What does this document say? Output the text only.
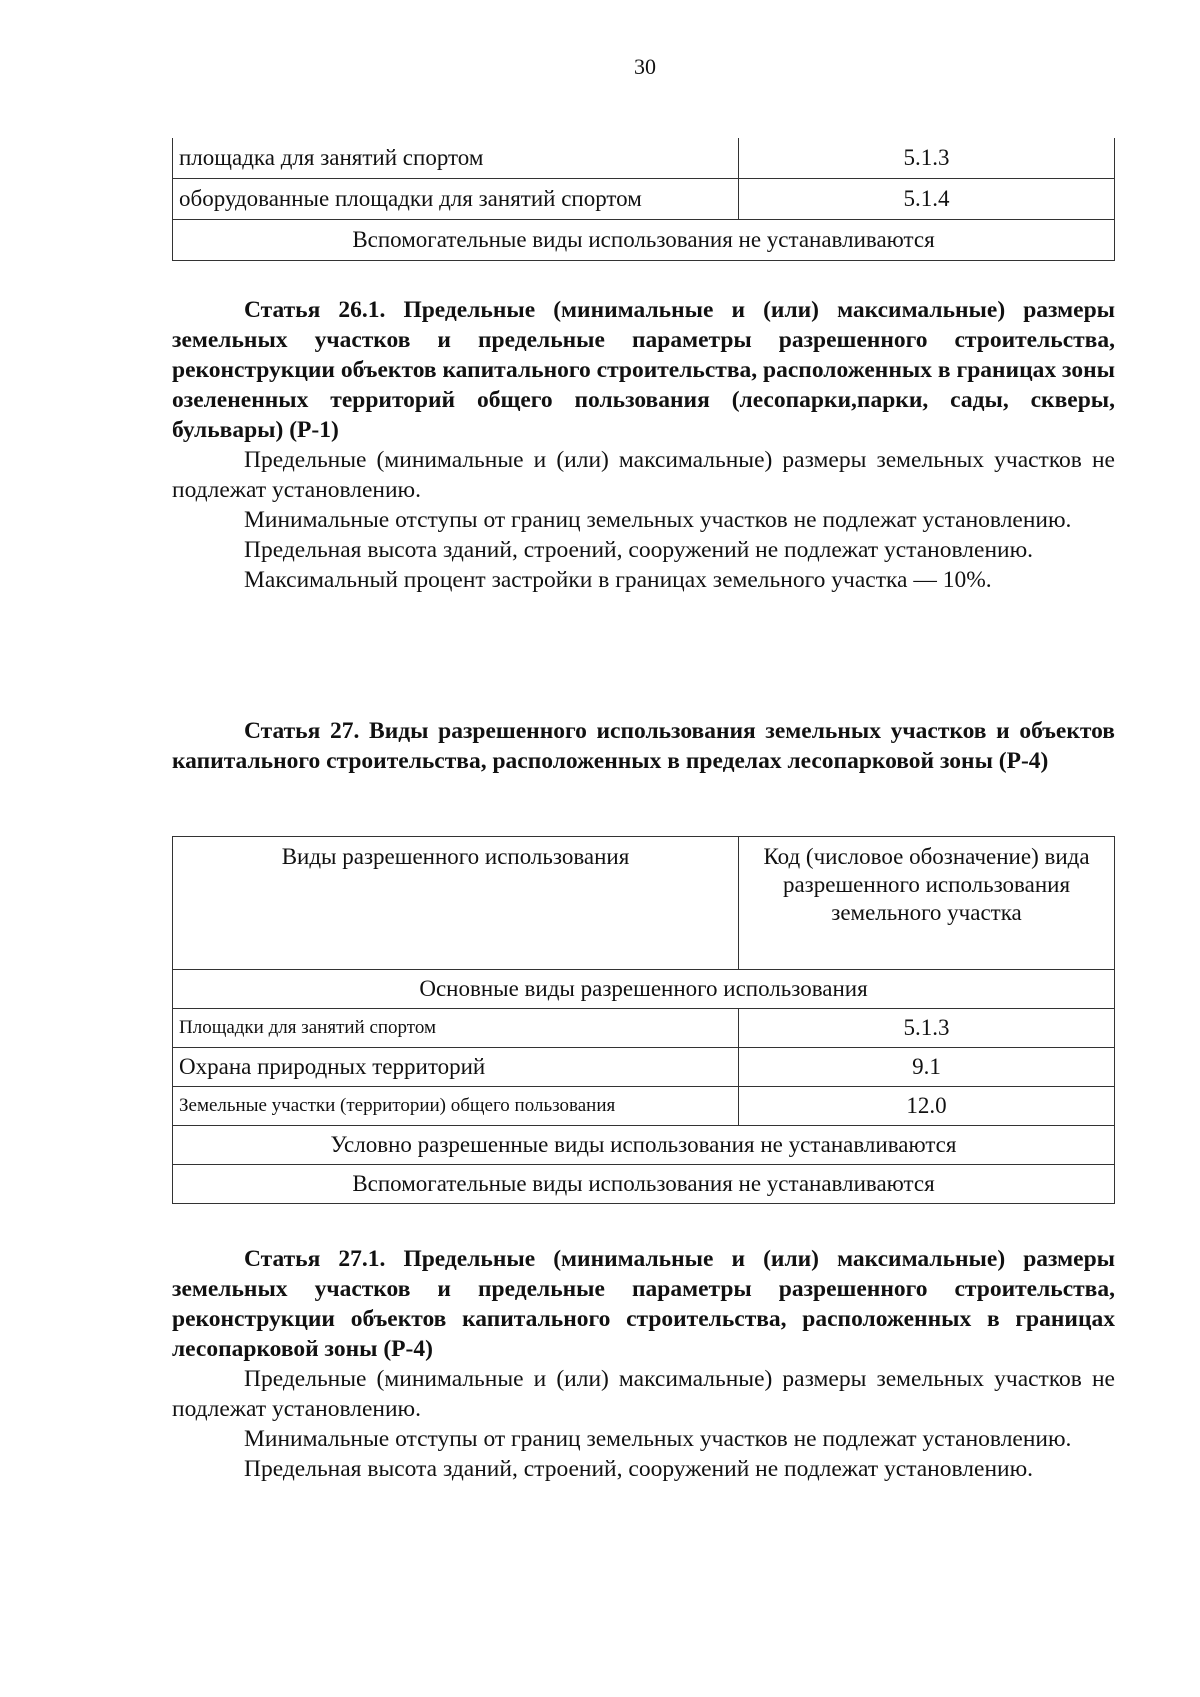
30
площадка для занятий спортом	5.1.3
оборудованные площадки для занятий спортом	5.1.4
Вспомогательные виды использования не устанавливаются	

Статья 26.1. Предельные (минимальные и (или) максимальные) размеры земельных участков и предельные параметры разрешенного строительства, реконструкции объектов капитального строительства, расположенных в границах зоны озелененных территорий общего пользования (лесопарки,парки, сады, скверы, бульвары) (Р-1)

Предельные (минимальные и (или) максимальные) размеры земельных участков не подлежат установлению.

Минимальные отступы от границ земельных участков не подлежат установлению.

Предельная высота зданий, строений, сооружений не подлежат установлению.

Максимальный процент застройки в границах земельного участка — 10%.

Статья 27. Виды разрешенного использования земельных участков и объектов капитального строительства, расположенных в пределах лесопарковой зоны (Р-4)

Виды разрешенного использования	Код (числовое обозначение) вида разрешенного использования земельного участка
Основные виды разрешенного использования	
Площадки для занятий спортом	5.1.3
Охрана природных территорий	9.1
Земельные участки (территории) общего пользования	12.0
Условно разрешенные виды использования не устанавливаются	
Вспомогательные виды использования не устанавливаются	

Статья 27.1. Предельные (минимальные и (или) максимальные) размеры земельных участков и предельные параметры разрешенного строительства, реконструкции объектов капитального строительства, расположенных в границах лесопарковой зоны (Р-4)

Предельные (минимальные и (или) максимальные) размеры земельных участков не подлежат установлению.

Минимальные отступы от границ земельных участков не подлежат установлению.

Предельная высота зданий, строений, сооружений не подлежат установлению.
